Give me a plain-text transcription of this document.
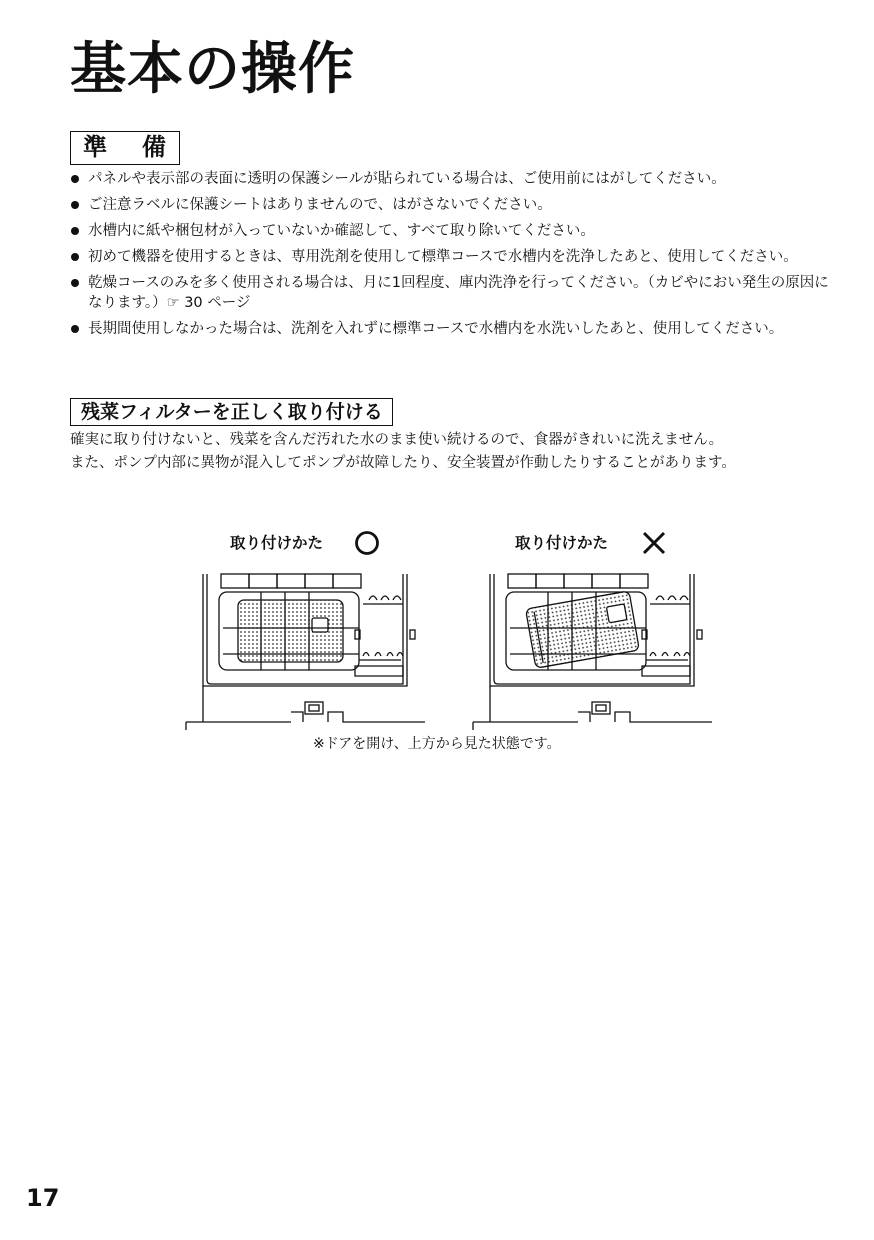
基本の操作
準 備
パネルや表示部の表面に透明の保護シールが貼られている場合は、ご使用前にはがしてください。
ご注意ラベルに保護シートはありませんので、はがさないでください。
水槽内に紙や梱包材が入っていないか確認して、すべて取り除いてください。
初めて機器を使用するときは、専用洗剤を使用して標準コースで水槽内を洗浄したあと、使用してください。
乾燥コースのみを多く使用される場合は、月に1回程度、庫内洗浄を行ってください。（カビやにおい発生の原因になります。）☞ 30 ページ
長期間使用しなかった場合は、洗剤を入れずに標準コースで水槽内を水洗いしたあと、使用してください。
残菜フィルターを正しく取り付ける

確実に取り付けないと、残菜を含んだ汚れた水のまま使い続けるので、食器がきれいに洗えません。

また、ポンプ内部に異物が混入してポンプが故障したり、安全装置が作動したりすることがあります。

取り付けかた	取り付けかた
※ドアを開け、上方から見た状態です。
17
